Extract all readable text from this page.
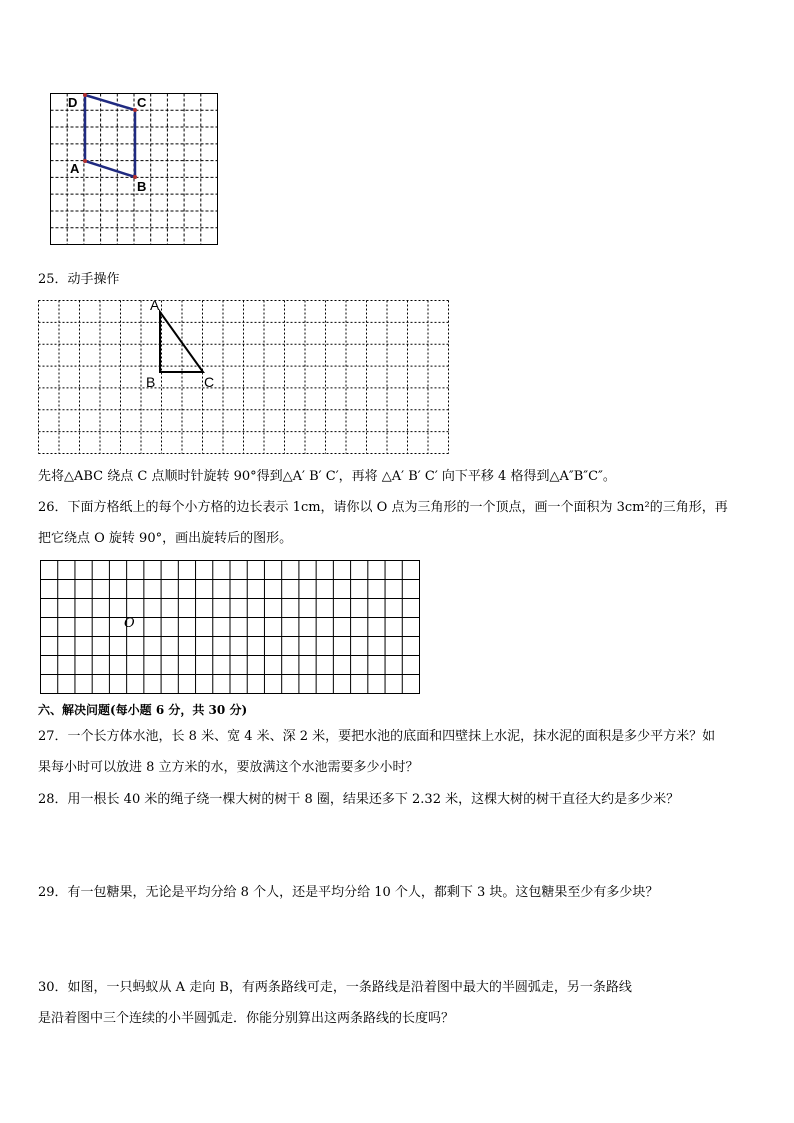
D	C
A
B
25．动手操作
A
B	C
先将△ABC 绕点 C 点顺时针旋转 90°得到△A′ B′ C′，再将 △A′ B′ C′ 向下平移 4 格得到△A″B″C″。
26．下面方格纸上的每个小方格的边长表示 1cm，请你以 O 点为三角形的一个顶点，画一个面积为 3cm²的三角形，再
把它绕点 O 旋转 90°，画出旋转后的图形。
O
六、解决问题(每小题 6 分，共 30 分)
27．一个长方体水池，长 8 米、宽 4 米、深 2 米，要把水池的底面和四壁抹上水泥，抹水泥的面积是多少平方米？如
果每小时可以放进 8 立方米的水，要放满这个水池需要多少小时？
28．用一根长 40 米的绳子绕一棵大树的树干 8 圈，结果还多下 2.32 米，这棵大树的树干直径大约是多少米？
29．有一包糖果，无论是平均分给 8 个人，还是平均分给 10 个人，都剩下 3 块。这包糖果至少有多少块？
30．如图，一只蚂蚁从 A 走向 B，有两条路线可走，一条路线是沿着图中最大的半圆弧走，另一条路线
是沿着图中三个连续的小半圆弧走．你能分别算出这两条路线的长度吗？
